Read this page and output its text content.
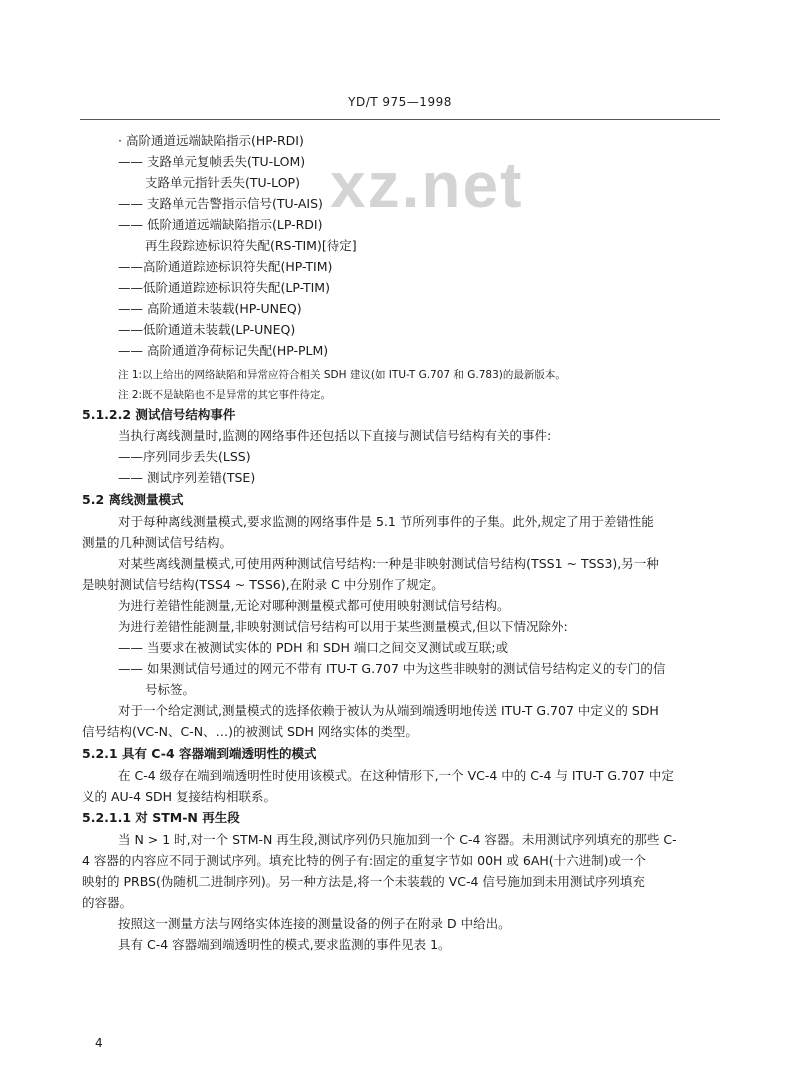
YD/T 975—1998
xz.net
· 高阶通道远端缺陷指示(HP-RDI)
—— 支路单元复帧丢失(TU-LOM)
支路单元指针丢失(TU-LOP)
—— 支路单元告警指示信号(TU-AIS)
—— 低阶通道远端缺陷指示(LP-RDI)
再生段踪迹标识符失配(RS-TIM)[待定]
——高阶通道踪迹标识符失配(HP-TIM)
——低阶通道踪迹标识符失配(LP-TIM)
—— 高阶通道未装载(HP-UNEQ)
——低阶通道未装载(LP-UNEQ)
—— 高阶通道净荷标记失配(HP-PLM)
注 1:以上给出的网络缺陷和异常应符合相关 SDH 建议(如 ITU-T G.707 和 G.783)的最新版本。
注 2:既不是缺陷也不是异常的其它事件待定。
5.1.2.2 测试信号结构事件
当执行离线测量时,监测的网络事件还包括以下直接与测试信号结构有关的事件:
——序列同步丢失(LSS)
—— 测试序列差错(TSE)
5.2 离线测量模式
对于每种离线测量模式,要求监测的网络事件是 5.1 节所列事件的子集。此外,规定了用于差错性能
测量的几种测试信号结构。
对某些离线测量模式,可使用两种测试信号结构:一种是非映射测试信号结构(TSS1 ~ TSS3),另一种
是映射测试信号结构(TSS4 ~ TSS6),在附录 C 中分别作了规定。
为进行差错性能测量,无论对哪种测量模式都可使用映射测试信号结构。
为进行差错性能测量,非映射测试信号结构可以用于某些测量模式,但以下情况除外:
—— 当要求在被测试实体的 PDH 和 SDH 端口之间交叉测试或互联;或
—— 如果测试信号通过的网元不带有 ITU-T G.707 中为这些非映射的测试信号结构定义的专门的信
号标签。
对于一个给定测试,测量模式的选择依赖于被认为从端到端透明地传送 ITU-T G.707 中定义的 SDH
信号结构(VC-N、C-N、…)的被测试 SDH 网络实体的类型。
5.2.1 具有 C-4 容器端到端透明性的模式
在 C-4 级存在端到端透明性时使用该模式。在这种情形下,一个 VC-4 中的 C-4 与 ITU-T G.707 中定
义的 AU-4 SDH 复接结构相联系。
5.2.1.1 对 STM-N 再生段
当 N > 1 时,对一个 STM-N 再生段,测试序列仍只施加到一个 C-4 容器。未用测试序列填充的那些 C-
4 容器的内容应不同于测试序列。填充比特的例子有:固定的重复字节如 00H 或 6AH(十六进制)或一个
映射的 PRBS(伪随机二进制序列)。另一种方法是,将一个未装载的 VC-4 信号施加到未用测试序列填充
的容器。
按照这一测量方法与网络实体连接的测量设备的例子在附录 D 中给出。
具有 C-4 容器端到端透明性的模式,要求监测的事件见表 1。
4
